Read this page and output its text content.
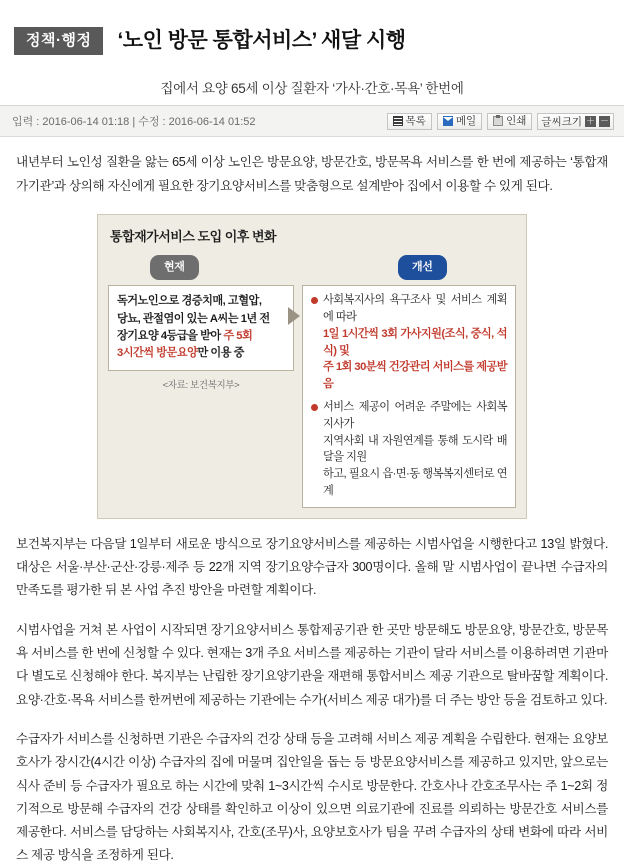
정책·행정	‘노인 방문 통합서비스’ 새달 시행
집에서 요양 65세 이상 질환자 ‘가사·간호·목욕’ 한번에
입력 : 2016-06-14 01:18 | 수정 : 2016-06-14 01:52	목록	메일	인쇄 글씨크기 ＋ －

내년부터 노인성 질환을 앓는 65세 이상 노인은 방문요양, 방문간호, 방문목욕 서비스를 한 번에 제공하는 ‘통합재가기관’과 상의해 자신에게 필요한 장기요양서비스를 맞춤형으로 설계받아 집에서 이용할 수 있게 된다.

통합재가서비스 도입 이후 변화
현재
독거노인으로 경증치매, 고혈압,
당뇨, 관절염이 있는 A씨는 1년 전
장기요양 4등급을 받아 주 5회
3시간씩 방문요양만 이용 중
<자료: 보건복지부>
개선
사회복지사의 욕구조사 및 서비스 계획에 따라
1일 1시간씩 3회 가사지원(조식, 중식, 석식) 및
주 1회 30분씩 건강관리 서비스를 제공받음
서비스 제공이 어려운 주말에는 사회복지사가
지역사회 내 자원연계를 통해 도시락 배달을 지원
하고, 필요시 읍·면·동 행복복지센터로 연계

보건복지부는 다음달 1일부터 새로운 방식으로 장기요양서비스를 제공하는 시범사업을 시행한다고 13일 밝혔다. 대상은 서울·부산·군산·강릉·제주 등 22개 지역 장기요양수급자 300명이다. 올해 말 시범사업이 끝나면 수급자의 만족도를 평가한 뒤 본 사업 추진 방안을 마련할 계획이다.

시범사업을 거쳐 본 사업이 시작되면 장기요양서비스 통합제공기관 한 곳만 방문해도 방문요양, 방문간호, 방문목욕 서비스를 한 번에 신청할 수 있다. 현재는 3개 주요 서비스를 제공하는 기관이 달라 서비스를 이용하려면 기관마다 별도로 신청해야 한다. 복지부는 난립한 장기요양기관을 재편해 통합서비스 제공 기관으로 탈바꿈할 계획이다. 요양·간호·목욕 서비스를 한꺼번에 제공하는 기관에는 수가(서비스 제공 대가)를 더 주는 방안 등을 검토하고 있다.

수급자가 서비스를 신청하면 기관은 수급자의 건강 상태 등을 고려해 서비스 제공 계획을 수립한다. 현재는 요양보호사가 장시간(4시간 이상) 수급자의 집에 머물며 집안일을 돕는 등 방문요양서비스를 제공하고 있지만, 앞으로는 식사 준비 등 수급자가 필요로 하는 시간에 맞춰 1~3시간씩 수시로 방문한다. 간호사나 간호조무사는 주 1~2회 정기적으로 방문해 수급자의 건강 상태를 확인하고 이상이 있으면 의료기관에 진료를 의뢰하는 방문간호 서비스를 제공한다. 서비스를 담당하는 사회복지사, 간호(조무)사, 요양보호사가 팀을 꾸려 수급자의 상태 변화에 따라 서비스 제공 방식을 조정하게 된다.
